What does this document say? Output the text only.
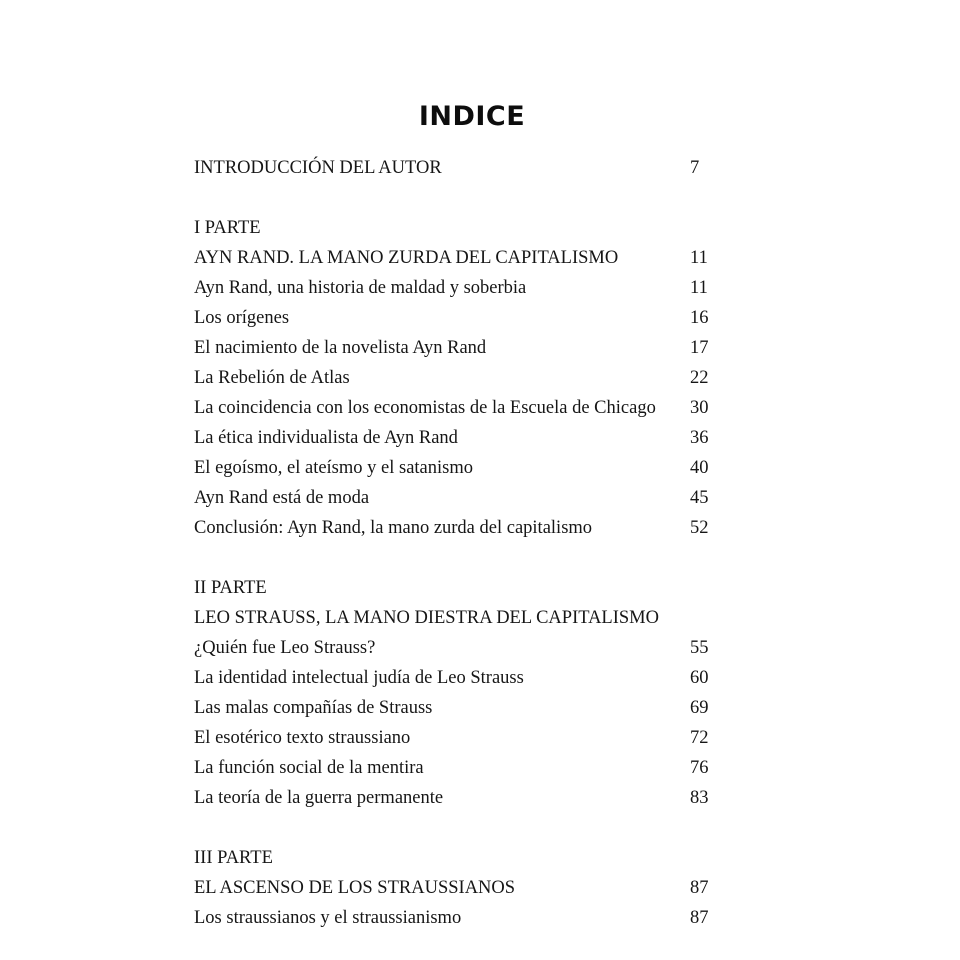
INDICE
INTRODUCCIÓN DEL AUTOR	7
I PARTE
AYN RAND. LA MANO ZURDA DEL CAPITALISMO	11
Ayn Rand, una historia de maldad y soberbia	11
Los orígenes	16
El nacimiento de la novelista Ayn Rand	17
La Rebelión de Atlas	22
La coincidencia con los economistas de la Escuela de Chicago 30
La ética individualista de Ayn Rand	36
El egoísmo, el ateísmo y el satanismo	40
Ayn Rand está de moda	45
Conclusión: Ayn Rand, la mano zurda del capitalismo	52
II PARTE
LEO STRAUSS, LA MANO DIESTRA DEL CAPITALISMO
¿Quién fue Leo Strauss?	55
La identidad intelectual judía de Leo Strauss	60
Las malas compañías de Strauss	69
El esotérico texto straussiano	72
La función social de la mentira	76
La teoría de la guerra permanente	83
III PARTE
EL ASCENSO DE LOS STRAUSSIANOS	87
Los straussianos y el straussianismo	87
